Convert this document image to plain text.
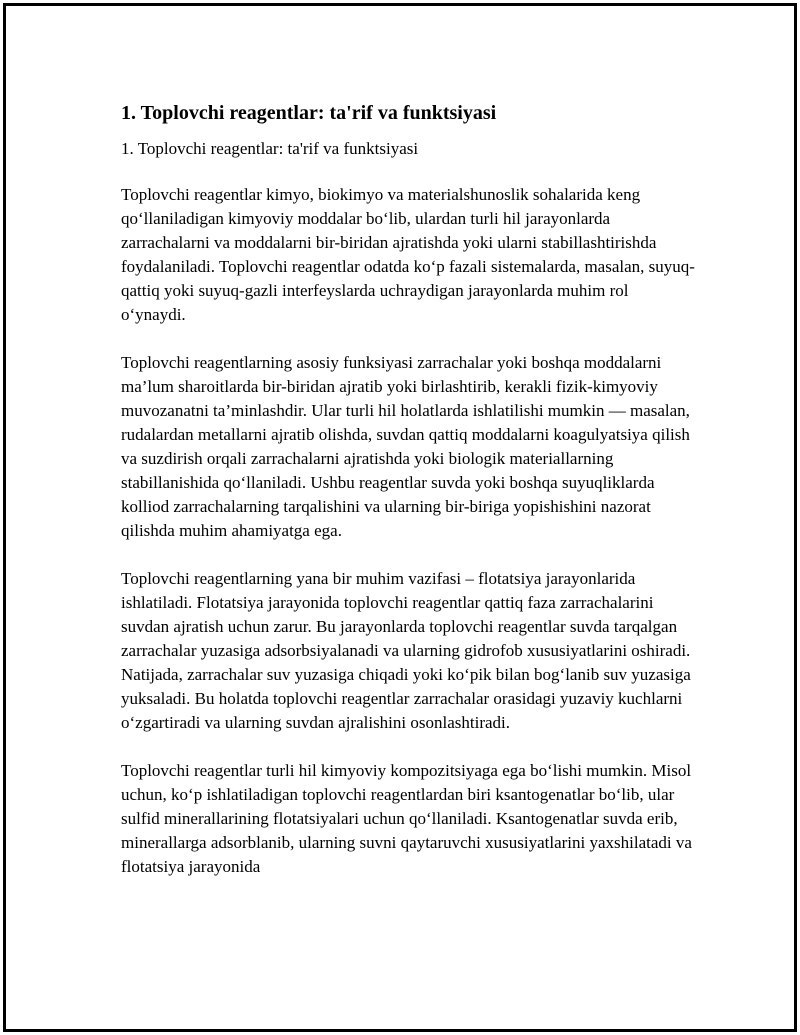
1. Toplovchi reagentlar: ta'rif va funktsiyasi

1. Toplovchi reagentlar: ta'rif va funktsiyasi

Toplovchi reagentlar kimyo, biokimyo va materialshunoslik sohalarida keng qo‘llaniladigan kimyoviy moddalar bo‘lib, ulardan turli hil jarayonlarda zarrachalarni va moddalarni bir-biridan ajratishda yoki ularni stabillashtirishda foydalaniladi. Toplovchi reagentlar odatda ko‘p fazali sistemalarda, masalan, suyuq-qattiq yoki suyuq-gazli interfeyslarda uchraydigan jarayonlarda muhim rol o‘ynaydi.

Toplovchi reagentlarning asosiy funksiyasi zarrachalar yoki boshqa moddalarni ma’lum sharoitlarda bir-biridan ajratib yoki birlashtirib, kerakli fizik-kimyoviy muvozanatni ta’minlashdir. Ular turli hil holatlarda ishlatilishi mumkin — masalan, rudalardan metallarni ajratib olishda, suvdan qattiq moddalarni koagulyatsiya qilish va suzdirish orqali zarrachalarni ajratishda yoki biologik materiallarning stabillanishida qo‘llaniladi. Ushbu reagentlar suvda yoki boshqa suyuqliklarda kolliod zarrachalarning tarqalishini va ularning bir-biriga yopishishini nazorat qilishda muhim ahamiyatga ega.

Toplovchi reagentlarning yana bir muhim vazifasi – flotatsiya jarayonlarida ishlatiladi. Flotatsiya jarayonida toplovchi reagentlar qattiq faza zarrachalarini suvdan ajratish uchun zarur. Bu jarayonlarda toplovchi reagentlar suvda tarqalgan zarrachalar yuzasiga adsorbsiyalanadi va ularning gidrofob xususiyatlarini oshiradi. Natijada, zarrachalar suv yuzasiga chiqadi yoki ko‘pik bilan bog‘lanib suv yuzasiga yuksaladi. Bu holatda toplovchi reagentlar zarrachalar orasidagi yuzaviy kuchlarni o‘zgartiradi va ularning suvdan ajralishini osonlashtiradi.

Toplovchi reagentlar turli hil kimyoviy kompozitsiyaga ega bo‘lishi mumkin. Misol uchun, ko‘p ishlatiladigan toplovchi reagentlardan biri ksantogenatlar bo‘lib, ular sulfid minerallarining flotatsiyalari uchun qo‘llaniladi. Ksantogenatlar suvda erib, minerallarga adsorblanib, ularning suvni qaytaruvchi xususiyatlarini yaxshilatadi va flotatsiya jarayonida
